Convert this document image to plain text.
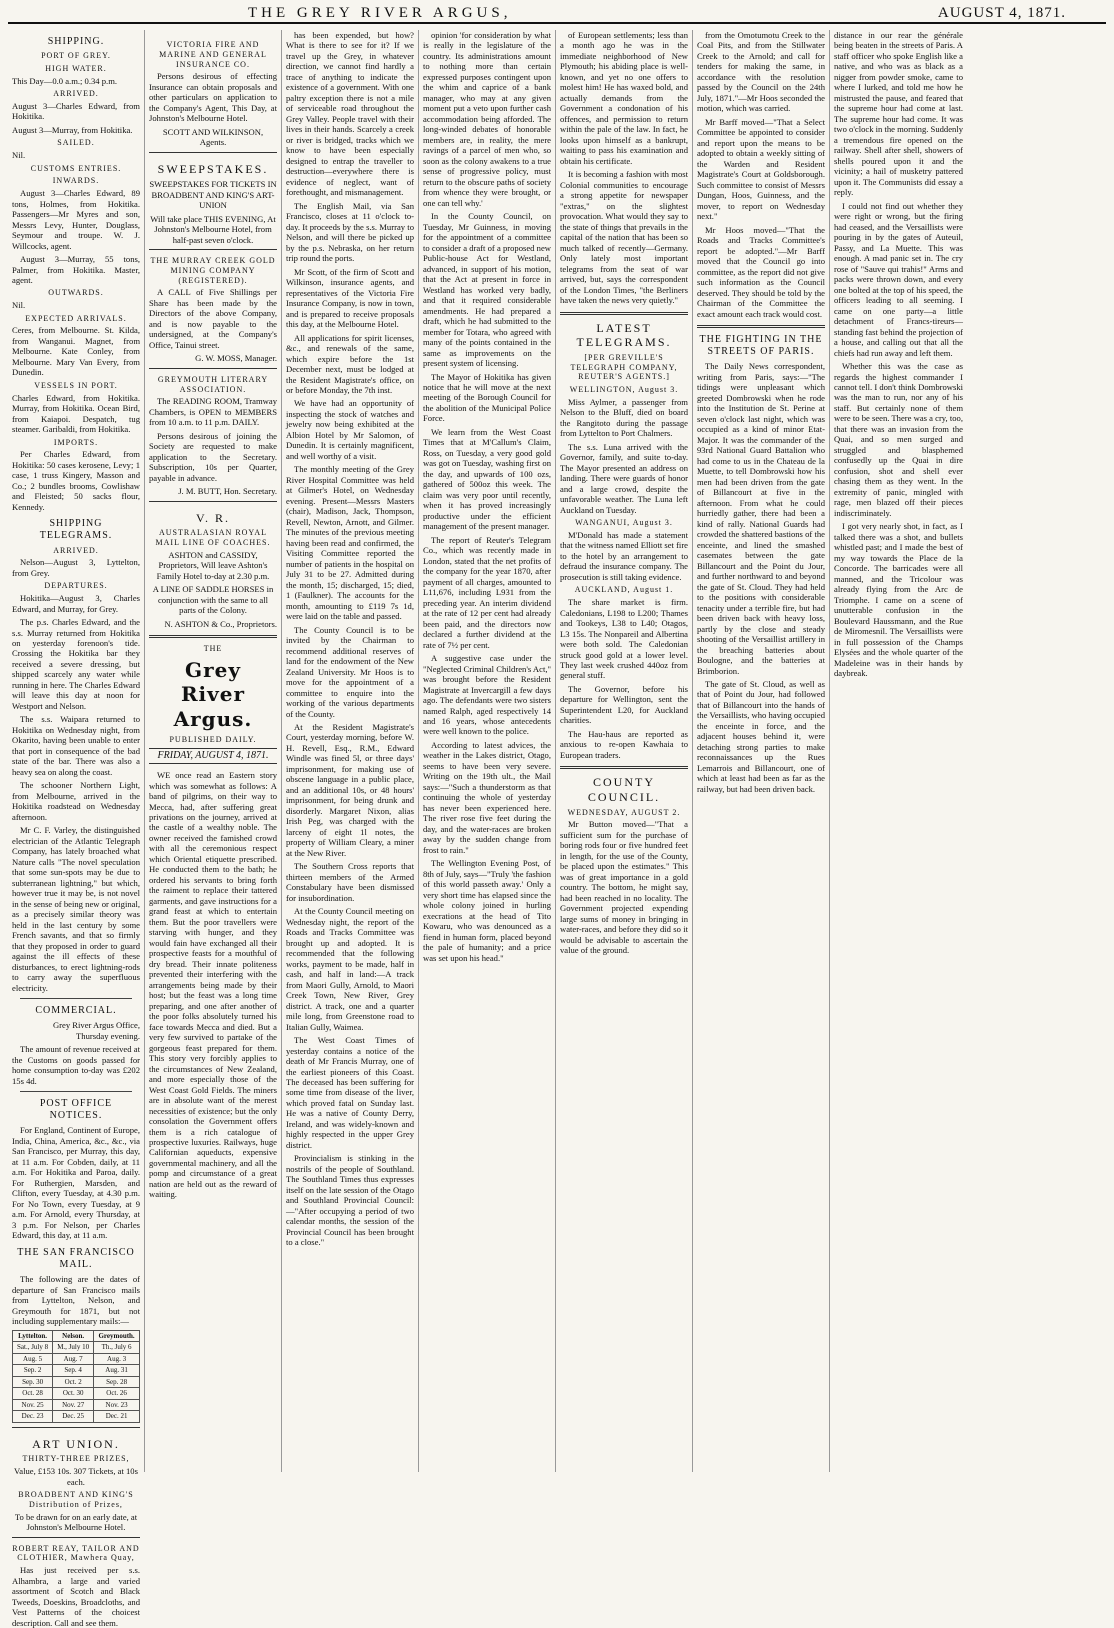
THE GREY RIVER ARGUS,	AUGUST 4, 1871.
SHIPPING.
PORT OF GREY.
HIGH WATER.

This Day—0.0 a.m.; 0.34 p.m.

ARRIVED.

August 3—Charles Edward, from Hokitika.

August 3—Murray, from Hokitika.

SAILED.

Nil.

CUSTOMS ENTRIES.
INWARDS.

August 3—Charles Edward, 89 tons, Holmes, from Hokitika. Passengers—Mr Myres and son, Messrs Levy, Hunter, Douglass, Seymour and troupe. W. J. Willcocks, agent.

August 3—Murray, 55 tons, Palmer, from Hokitika. Master, agent.

OUTWARDS.

Nil.

EXPECTED ARRIVALS.

Ceres, from Melbourne. St. Kilda, from Wanganui. Magnet, from Melbourne. Kate Conley, from Melbourne. Mary Van Every, from Dunedin.

VESSELS IN PORT.

Charles Edward, from Hokitika. Murray, from Hokitika. Ocean Bird, from Kaiapoi. Despatch, tug steamer. Garibaldi, from Hokitika.

IMPORTS.

Per Charles Edward, from Hokitika: 50 cases kerosene, Levy; 1 case, 1 truss Kingery, Masson and Co.; 2 bundles brooms, Cowlishaw and Fleisted; 50 sacks flour, Kennedy.

SHIPPING TELEGRAMS.
ARRIVED.

Nelson—August 3, Lyttelton, from Grey.

DEPARTURES.

Hokitika—August 3, Charles Edward, and Murray, for Grey.

The p.s. Charles Edward, and the s.s. Murray returned from Hokitika on yesterday forenoon's tide. Crossing the Hokitika bar they received a severe dressing, but shipped scarcely any water while running in here. The Charles Edward will leave this day at noon for Westport and Nelson.

The s.s. Waipara returned to Hokitika on Wednesday night, from Okarito, having been unable to enter that port in consequence of the bad state of the bar. There was also a heavy sea on along the coast.

The schooner Northern Light, from Melbourne, arrived in the Hokitika roadstead on Wednesday afternoon.

Mr C. F. Varley, the distinguished electrician of the Atlantic Telegraph Company, has lately broached what Nature calls "The novel speculation that some sun-spots may be due to subterranean lightning," but which, however true it may be, is not novel in the sense of being new or original, as a precisely similar theory was held in the last century by some French savants, and that so firmly that they proposed in order to guard against the ill effects of these disturbances, to erect lightning-rods to carry away the superfluous electricity.

COMMERCIAL.

Grey River Argus Office, Thursday evening.

The amount of revenue received at the Customs on goods passed for home consumption to-day was £202 15s 4d.

POST OFFICE NOTICES.

For England, Continent of Europe, India, China, America, &c., &c., via San Francisco, per Murray, this day, at 11 a.m. For Cobden, daily, at 11 a.m. For Hokitika and Paroa, daily. For Ruthergien, Marsden, and Clifton, every Tuesday, at 4.30 p.m. For No Town, every Tuesday, at 9 a.m. For Arnold, every Thursday, at 3 p.m. For Nelson, per Charles Edward, this day, at 11 a.m.

THE SAN FRANCISCO MAIL.

The following are the dates of departure of San Francisco mails from Lyttelton, Nelson, and Greymouth for 1871, but not including supplementary mails:—

Lyttelton.	Nelson.	Greymouth.
Sat., July 8	M., July 10	Th., July 6
Aug. 5	Aug. 7	Aug. 3
Sep. 2	Sep. 4	Aug. 31
Sep. 30	Oct. 2	Sep. 28
Oct. 28	Oct. 30	Oct. 26
Nov. 25	Nov. 27	Nov. 23
Dec. 23	Dec. 25	Dec. 21
ART UNION.
THIRTY-THREE PRIZES,

Value, £153 10s. 307 Tickets, at 10s each.

BROADBENT AND KING'S Distribution of Prizes,

To be drawn for on an early date, at Johnston's Melbourne Hotel.

ROBERT REAY, TAILOR AND CLOTHIER, Mawhera Quay,

Has just received per s.s. Alhambra, a large and varied assortment of Scotch and Black Tweeds, Doeskins, Broadcloths, and Vest Patterns of the choicest description. Call and see them.

VICTORIA FIRE AND MARINE AND GENERAL INSURANCE CO.

Persons desirous of effecting Insurance can obtain proposals and other particulars on application to the Company's Agent, This Day, at Johnston's Melbourne Hotel.

SCOTT AND WILKINSON, Agents.

SWEEPSTAKES.

SWEEPSTAKES FOR TICKETS IN BROADBENT AND KING'S ART-UNION

Will take place THIS EVENING, At Johnston's Melbourne Hotel, from half-past seven o'clock.

THE MURRAY CREEK GOLD MINING COMPANY (REGISTERED).

A CALL of Five Shillings per Share has been made by the Directors of the above Company, and is now payable to the undersigned, at the Company's Office, Tainui street.

G. W. MOSS, Manager.

GREYMOUTH LITERARY ASSOCIATION.

The READING ROOM, Tramway Chambers, is OPEN to MEMBERS from 10 a.m. to 11 p.m. DAILY.

Persons desirous of joining the Society are requested to make application to the Secretary. Subscription, 10s per Quarter, payable in advance.

J. M. BUTT, Hon. Secretary.

V. R.
AUSTRALASIAN ROYAL MAIL LINE OF COACHES.

ASHTON and CASSIDY, Proprietors, Will leave Ashton's Family Hotel to-day at 2.30 p.m.

A LINE OF SADDLE HORSES in conjunction with the same to all parts of the Colony.

N. ASHTON & Co., Proprietors.

THE
Grey River Argus.
PUBLISHED DAILY.
FRIDAY, AUGUST 4, 1871.

WE once read an Eastern story which was somewhat as follows: A band of pilgrims, on their way to Mecca, had, after suffering great privations on the journey, arrived at the castle of a wealthy noble. The owner received the famished crowd with all the ceremonious respect which Oriental etiquette prescribed. He conducted them to the bath; he ordered his servants to bring forth the raiment to replace their tattered garments, and gave instructions for a grand feast at which to entertain them. But the poor travellers were starving with hunger, and they would fain have exchanged all their prospective feasts for a mouthful of dry bread. Their innate politeness prevented their interfering with the arrangements being made by their host; but the feast was a long time preparing, and one after another of the poor folks absolutely turned his face towards Mecca and died. But a very few survived to partake of the gorgeous feast prepared for them. This story very forcibly applies to the circumstances of New Zealand, and more especially those of the West Coast Gold Fields. The miners are in absolute want of the merest necessities of existence; but the only consolation the Government offers them is a rich catalogue of prospective luxuries. Railways, huge Californian aqueducts, expensive governmental machinery, and all the pomp and circumstance of a great nation are held out as the reward of waiting.

has been expended, but how? What is there to see for it? If we travel up the Grey, in whatever direction, we cannot find hardly a trace of anything to indicate the existence of a government. With one paltry exception there is not a mile of serviceable road throughout the Grey Valley. People travel with their lives in their hands. Scarcely a creek or river is bridged, tracks which we know to have been especially designed to entrap the traveller to destruction—everywhere there is evidence of neglect, want of forethought, and mismanagement.

The English Mail, via San Francisco, closes at 11 o'clock to-day. It proceeds by the s.s. Murray to Nelson, and will there be picked up by the p.s. Nebraska, on her return trip round the ports.

Mr Scott, of the firm of Scott and Wilkinson, insurance agents, and representatives of the Victoria Fire Insurance Company, is now in town, and is prepared to receive proposals this day, at the Melbourne Hotel.

All applications for spirit licenses, &c., and renewals of the same, which expire before the 1st December next, must be lodged at the Resident Magistrate's office, on or before Monday, the 7th inst.

We have had an opportunity of inspecting the stock of watches and jewelry now being exhibited at the Albion Hotel by Mr Salomon, of Dunedin. It is certainly magnificent, and well worthy of a visit.

The monthly meeting of the Grey River Hospital Committee was held at Gilmer's Hotel, on Wednesday evening. Present—Messrs Masters (chair), Madison, Jack, Thompson, Revell, Newton, Arnott, and Gilmer. The minutes of the previous meeting having been read and confirmed, the Visiting Committee reported the number of patients in the hospital on July 31 to be 27. Admitted during the month, 15; discharged, 15; died, 1 (Faulkner). The accounts for the month, amounting to £119 7s 1d, were laid on the table and passed.

The County Council is to be invited by the Chairman to recommend additional reserves of land for the endowment of the New Zealand University. Mr Hoos is to move for the appointment of a committee to enquire into the working of the various departments of the County.

At the Resident Magistrate's Court, yesterday morning, before W. H. Revell, Esq., R.M., Edward Windle was fined 5l, or three days' imprisonment, for making use of obscene language in a public place, and an additional 10s, or 48 hours' imprisonment, for being drunk and disorderly. Margaret Nixon, alias Irish Peg, was charged with the larceny of eight 1l notes, the property of William Cleary, a miner at the New River.

The Southern Cross reports that thirteen members of the Armed Constabulary have been dismissed for insubordination.

At the County Council meeting on Wednesday night, the report of the Roads and Tracks Committee was brought up and adopted. It is recommended that the following works, payment to be made, half in cash, and half in land:—A track from Maori Gully, Arnold, to Maori Creek Town, New River, Grey district. A track, one and a quarter mile long, from Greenstone road to Italian Gully, Waimea.

The West Coast Times of yesterday contains a notice of the death of Mr Francis Murray, one of the earliest pioneers of this Coast. The deceased has been suffering for some time from disease of the liver, which proved fatal on Sunday last. He was a native of County Derry, Ireland, and was widely-known and highly respected in the upper Grey district.

Provincialism is stinking in the nostrils of the people of Southland. The Southland Times thus expresses itself on the late session of the Otago and Southland Provincial Council:—"After occupying a period of two calendar months, the session of the Provincial Council has been brought to a close."

opinion 'for consideration by what is really in the legislature of the country. Its administrations amount to nothing more than certain expressed purposes contingent upon the whim and caprice of a bank manager, who may at any given moment put a veto upon further cash accommodation being afforded. The long-winded debates of honorable members are, in reality, the mere ravings of a parcel of men who, so soon as the colony awakens to a true sense of progressive policy, must return to the obscure paths of society from whence they were brought, or one can tell why.'

In the County Council, on Tuesday, Mr Guinness, in moving for the appointment of a committee to consider a draft of a proposed new Public-house Act for Westland, advanced, in support of his motion, that the Act at present in force in Westland has worked very badly, and that it required considerable amendments. He had prepared a draft, which he had submitted to the member for Totara, who agreed with many of the points contained in the same as improvements on the present system of licensing.

The Mayor of Hokitika has given notice that he will move at the next meeting of the Borough Council for the abolition of the Municipal Police Force.

We learn from the West Coast Times that at M'Callum's Claim, Ross, on Tuesday, a very good gold was got on Tuesday, washing first on the day, and upwards of 100 ozs, gathered of 500oz this week. The claim was very poor until recently, when it has proved increasingly productive under the efficient management of the present manager.

The report of Reuter's Telegram Co., which was recently made in London, stated that the net profits of the company for the year 1870, after payment of all charges, amounted to L11,676, including L931 from the preceding year. An interim dividend at the rate of 12 per cent had already been paid, and the directors now declared a further dividend at the rate of 7½ per cent.

A suggestive case under the "Neglected Criminal Children's Act," was brought before the Resident Magistrate at Invercargill a few days ago. The defendants were two sisters named Ralph, aged respectively 14 and 16 years, whose antecedents were well known to the police.

According to latest advices, the weather in the Lakes district, Otago, seems to have been very severe. Writing on the 19th ult., the Mail says:—"Such a thunderstorm as that continuing the whole of yesterday has never been experienced here. The river rose five feet during the day, and the water-races are broken away by the sudden change from frost to rain."

The Wellington Evening Post, of 8th of July, says—"Truly 'the fashion of this world passeth away.' Only a very short time has elapsed since the whole colony joined in hurling execrations at the head of Tito Kowaru, who was denounced as a fiend in human form, placed beyond the pale of humanity; and a price was set upon his head."

of European settlements; less than a month ago he was in the immediate neighborhood of New Plymouth; his abiding place is well-known, and yet no one offers to molest him! He has waxed bold, and actually demands from the Government a condonation of his offences, and permission to return within the pale of the law. In fact, he looks upon himself as a bankrupt, waiting to pass his examination and obtain his certificate.

It is becoming a fashion with most Colonial communities to encourage a strong appetite for newspaper "extras," on the slightest provocation. What would they say to the state of things that prevails in the capital of the nation that has been so much talked of recently—Germany. Only lately most important telegrams from the seat of war arrived, but, says the correspondent of the London Times, "the Berliners have taken the news very quietly."

LATEST TELEGRAMS.
[PER GREVILLE'S TELEGRAPH COMPANY, REUTER'S AGENTS.]
WELLINGTON, August 3.

Miss Aylmer, a passenger from Nelson to the Bluff, died on board the Rangitoto during the passage from Lyttelton to Port Chalmers.

The s.s. Luna arrived with the Governor, family, and suite to-day. The Mayor presented an address on landing. There were guards of honor and a large crowd, despite the unfavorable weather. The Luna left Auckland on Tuesday.

WANGANUI, August 3.

M'Donald has made a statement that the witness named Elliott set fire to the hotel by an arrangement to defraud the insurance company. The prosecution is still taking evidence.

AUCKLAND, August 1.

The share market is firm. Caledonians, L198 to L200; Thames and Tookeys, L38 to L40; Otagos, L3 15s. The Nonpareil and Albertina were both sold. The Caledonian struck good gold at a lower level. They last week crushed 440oz from general stuff.

The Governor, before his departure for Wellington, sent the Superintendent L20, for Auckland charities.

The Hau-haus are reported as anxious to re-open Kawhaia to European traders.

COUNTY COUNCIL.
WEDNESDAY, AUGUST 2.

Mr Button moved—"That a sufficient sum for the purchase of boring rods four or five hundred feet in length, for the use of the County, be placed upon the estimates." This was of great importance in a gold country. The bottom, he might say, had been reached in no locality. The Government projected expending large sums of money in bringing in water-races, and before they did so it would be advisable to ascertain the value of the ground.

from the Omotumotu Creek to the Coal Pits, and from the Stillwater Creek to the Arnold; and call for tenders for making the same, in accordance with the resolution passed by the Council on the 24th July, 1871."—Mr Hoos seconded the motion, which was carried.

Mr Barff moved—"That a Select Committee be appointed to consider and report upon the means to be adopted to obtain a weekly sitting of the Warden and Resident Magistrate's Court at Goldsborough. Such committee to consist of Messrs Dungan, Hoos, Guinness, and the mover, to report on Wednesday next."

Mr Hoos moved—"That the Roads and Tracks Committee's report be adopted."—Mr Barff moved that the Council go into committee, as the report did not give such information as the Council deserved. They should be told by the Chairman of the Committee the exact amount each track would cost.

THE FIGHTING IN THE STREETS OF PARIS.

The Daily News correspondent, writing from Paris, says:—"The tidings were unpleasant which greeted Dombrowski when he rode into the Institution de St. Perine at seven o'clock last night, which was occupied as a kind of minor Etat-Major. It was the commander of the 93rd National Guard Battalion who had come to us in the Chateau de la Muette, to tell Dombrowski how his men had been driven from the gate of Billancourt at five in the afternoon. From what he could hurriedly gather, there had been a kind of rally. National Guards had crowded the shattered bastions of the enceinte, and lined the smashed casemates between the gate Billancourt and the Point du Jour, and further northward to and beyond the gate of St. Cloud. They had held to the positions with considerable tenacity under a terrible fire, but had been driven back with heavy loss, partly by the close and steady shooting of the Versaillist artillery in the breaching batteries about Boulogne, and the batteries at Brimborion.

The gate of St. Cloud, as well as that of Point du Jour, had followed that of Billancourt into the hands of the Versaillists, who having occupied the enceinte in force, and the adjacent houses behind it, were detaching strong parties to make reconnaissances up the Rues Lemarrois and Billancourt, one of which at least had been as far as the railway, but had been driven back.

distance in our rear the générale being beaten in the streets of Paris. A staff officer who spoke English like a native, and who was as black as a nigger from powder smoke, came to where I lurked, and told me how he mistrusted the pause, and feared that the supreme hour had come at last. The supreme hour had come. It was two o'clock in the morning. Suddenly a tremendous fire opened on the railway. Shell after shell, showers of shells poured upon it and the vicinity; a hail of musketry pattered upon it. The Communists did essay a reply.

I could not find out whether they were right or wrong, but the firing had ceased, and the Versaillists were pouring in by the gates of Auteuil, Passy, and La Muette. This was enough. A mad panic set in. The cry rose of "Sauve qui trahis!" Arms and packs were thrown down, and every one bolted at the top of his speed, the officers leading to all seeming. I came on one party—a little detachment of Francs-tireurs—standing fast behind the projection of a house, and calling out that all the chiefs had run away and left them.

Whether this was the case as regards the highest commander I cannot tell. I don't think Dombrowski was the man to run, nor any of his staff. But certainly none of them were to be seen. There was a cry, too, that there was an invasion from the Quai, and so men surged and struggled and blasphemed confusedly up the Quai in dire confusion, shot and shell ever chasing them as they went. In the extremity of panic, mingled with rage, men blazed off their pieces indiscriminately.

I got very nearly shot, in fact, as I talked there was a shot, and bullets whistled past; and I made the best of my way towards the Place de la Concorde. The barricades were all manned, and the Tricolour was already flying from the Arc de Triomphe. I came on a scene of unutterable confusion in the Boulevard Haussmann, and the Rue de Miromesnil. The Versaillists were in full possession of the Champs Elysées and the whole quarter of the Madeleine was in their hands by daybreak.
